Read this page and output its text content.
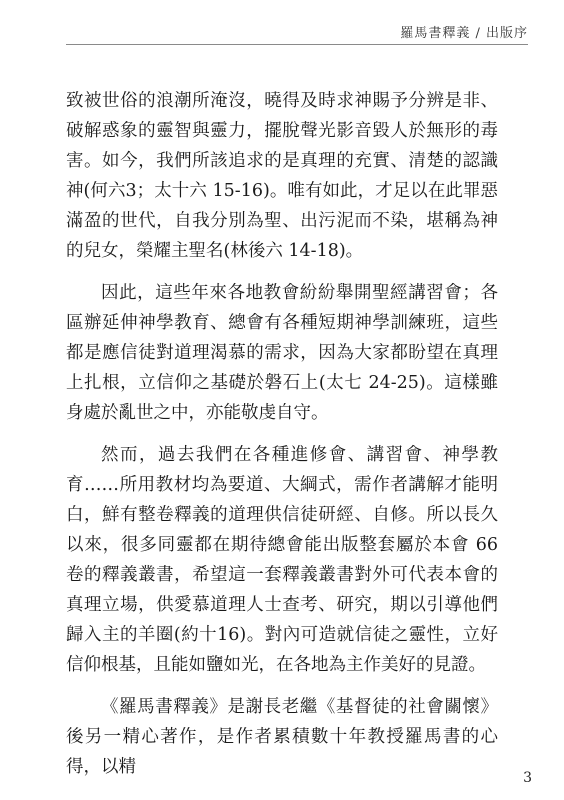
羅馬書釋義 / 出版序

致被世俗的浪潮所淹沒，曉得及時求神賜予分辨是非、破解惑象的靈智與靈力，擺脫聲光影音毀人於無形的毒害。如今，我們所該追求的是真理的充實、清楚的認識神(何六3；太十六 15-16)。唯有如此，才足以在此罪惡滿盈的世代，自我分別為聖、出污泥而不染，堪稱為神的兒女，榮耀主聖名(林後六 14-18)。

因此，這些年來各地教會紛紛舉開聖經講習會；各區辦延伸神學教育、總會有各種短期神學訓練班，這些都是應信徒對道理渴慕的需求，因為大家都盼望在真理上扎根，立信仰之基礎於磐石上(太七 24-25)。這樣雖身處於亂世之中，亦能敬虔自守。

然而，過去我們在各種進修會、講習會、神學教育……所用教材均為要道、大綱式，需作者講解才能明白，鮮有整卷釋義的道理供信徒研經、自修。所以長久以來，很多同靈都在期待總會能出版整套屬於本會 66 卷的釋義叢書，希望這一套釋義叢書對外可代表本會的真理立場，供愛慕道理人士查考、研究，期以引導他們歸入主的羊圈(約十16)。對內可造就信徒之靈性，立好信仰根基，且能如鹽如光，在各地為主作美好的見證。

《羅馬書釋義》是謝長老繼《基督徒的社會關懷》後另一精心著作，是作者累積數十年教授羅馬書的心得，以精

3
